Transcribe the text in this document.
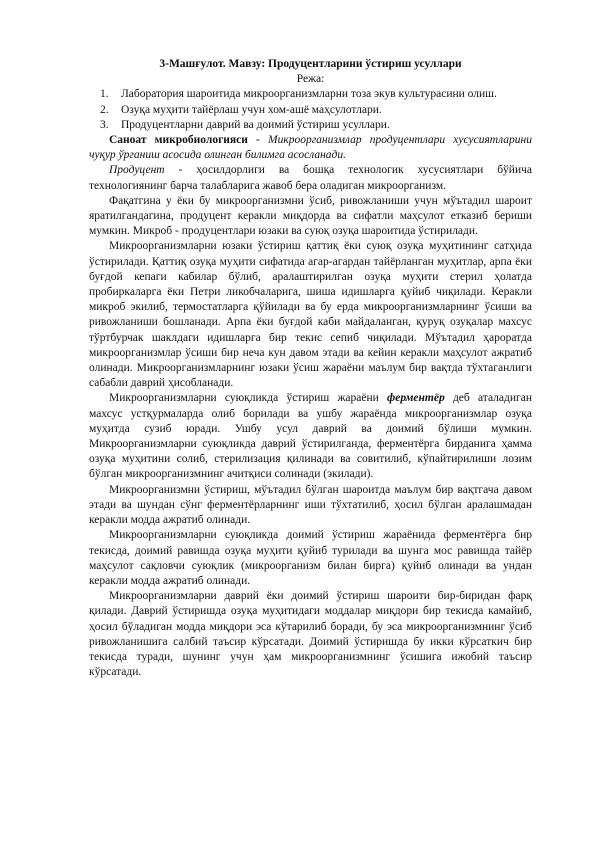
3-Машғулот. Мавзу: Продуцентларини ўстириш усуллари

Режа:

1. Лаборатория шароитида микроорганизмларни тоза экув культурасини олиш.
2. Озуқа муҳити тайёрлаш учун хом-ашё маҳсулотлари.
3. Продуцентларни даврий ва доимий ўстириш усуллари.

Саноат микробиологияси - Микроорганизмлар продуцентлари хусусиятларини чуқур ўрганиш асосида олинган билимга асосланади.

Продуцент - ҳосилдорлиги ва бошқа технологик хусусиятлари бўйича технологиянинг барча талабларига жавоб бера оладиган микроорганизм.

Фақатгина у ёки бу микроорганизмни ўсиб, ривожланиши учун мўътадил шароит яратилгандагина, продуцент керакли миқдорда ва сифатли маҳсулот етказиб бериши мумкин. Микроб - продуцентлари юзаки ва суюқ озуқа шароитида ўстирилади.

Микроорганизмларни юзаки ўстириш қаттиқ ёки суюқ озуқа муҳитининг сатҳида ўстирилади. Қаттиқ озуқа муҳити сифатида агар-агардан тайёрланган муҳитлар, арпа ёки буғдой кепаги кабилар бўлиб, аралаштирилган озуқа муҳити стерил ҳолатда пробиркаларга ёки Петри ликобчаларига, шиша идишларга қуйиб чиқилади. Керакли микроб экилиб, термостатларга қўйилади ва бу ерда микроорганизмларнинг ўсиши ва ривожланиши бошланади. Арпа ёки буғдой каби майдаланган, қуруқ озуқалар махсус тўртбурчак шаклдаги идишларга бир текис сепиб чиқилади. Мўътадил ҳароратда микроорганизмлар ўсиши бир неча кун давом этади ва кейин керакли маҳсулот ажратиб олинади. Микроорганизмларнинг юзаки ўсиш жараёни маълум бир вақтда тўхтаганлиги сабабли даврий ҳисобланади.

Микроорганизмларни суюқликда ўстириш жараёни ферментёр деб аталадиган махсус устқурмаларда олиб борилади ва ушбу жараёнда микроорганизмлар озуқа муҳитда сузиб юради. Ушбу усул даврий ва доимий бўлиши мумкин. Микроорганизмларни суюқликда даврий ўстирилганда, ферментёрга бирданига ҳамма озуқа муҳитини солиб, стерилизация қилинади ва совитилиб, кўпайтирилиши лозим бўлган микроорганизмнинг ачитқиси солинади (экилади).

Микроорганизмни ўстириш, мўътадил бўлган шароитда маълум бир вақтгача давом этади ва шундан сўнг ферментёрларнинг иши тўхтатилиб, ҳосил бўлган аралашмадан керакли модда ажратиб олинади.

Микроорганизмларни суюқликда доимий ўстириш жараёнида ферментёрга бир текисда, доимий равишда озуқа муҳити қуйиб турилади ва шунга мос равишда тайёр маҳсулот сақловчи суюқлик (микроорганизм билан бирга) қуйиб олинади ва ундан керакли модда ажратиб олинади.

Микроорганизмларни даврий ёки доимий ўстириш шароити бир-биридан фарқ қилади. Даврий ўстиришда озуқа муҳитидаги моддалар миқдори бир текисда камайиб, ҳосил бўладиган модда миқдори эса кўтарилиб боради, бу эса микроорганизмнинг ўсиб ривожланишига салбий таъсир кўрсатади. Доимий ўстиришда бу икки кўрсаткич бир текисда туради, шунинг учун ҳам микроорганизмнинг ўсишига ижобий таъсир кўрсатади.
